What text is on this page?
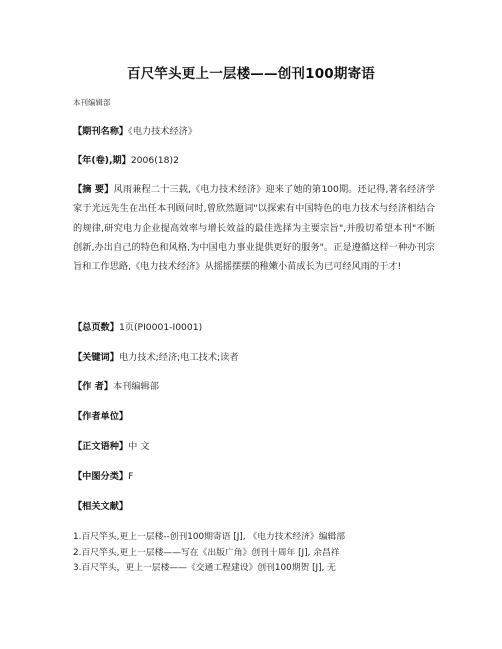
百尺竿头更上一层楼——创刊100期寄语
本刊编辑部
【期刊名称】《电力技术经济》
【年(卷),期】2006(18)2
【摘 要】风雨兼程二十三载,《电力技术经济》迎来了她的第100期。还记得,著名经济学家于光远先生在出任本刊顾问时,曾欣然题词"以探索有中国特色的电力技术与经济相结合的规律,研究电力企业提高效率与增长效益的最佳选择为主要宗旨",并殷切希望本刊"不断创新,办出自己的特色和风格,为中国电力事业提供更好的服务"。正是遵循这样一种办刊宗旨和工作思路,《电力技术经济》从摇摇摆摆的稚嫩小苗成长为已可经风雨的干才!
【总页数】1页(PI0001-I0001)
【关键词】电力技术;经济;电工技术;读者
【作 者】本刊编辑部
【作者单位】
【正文语种】中 文
【中图分类】F
【相关文献】
1.百尺竿头,更上一层楼--创刊100期寄语 [J], 《电力技术经济》编辑部
2.百尺竿头,更上一层楼——写在《出版广角》创刊十周年 [J], 余昌祥
3.百尺竿头，更上一层楼——《交通工程建设》创刊100期贺 [J], 无
